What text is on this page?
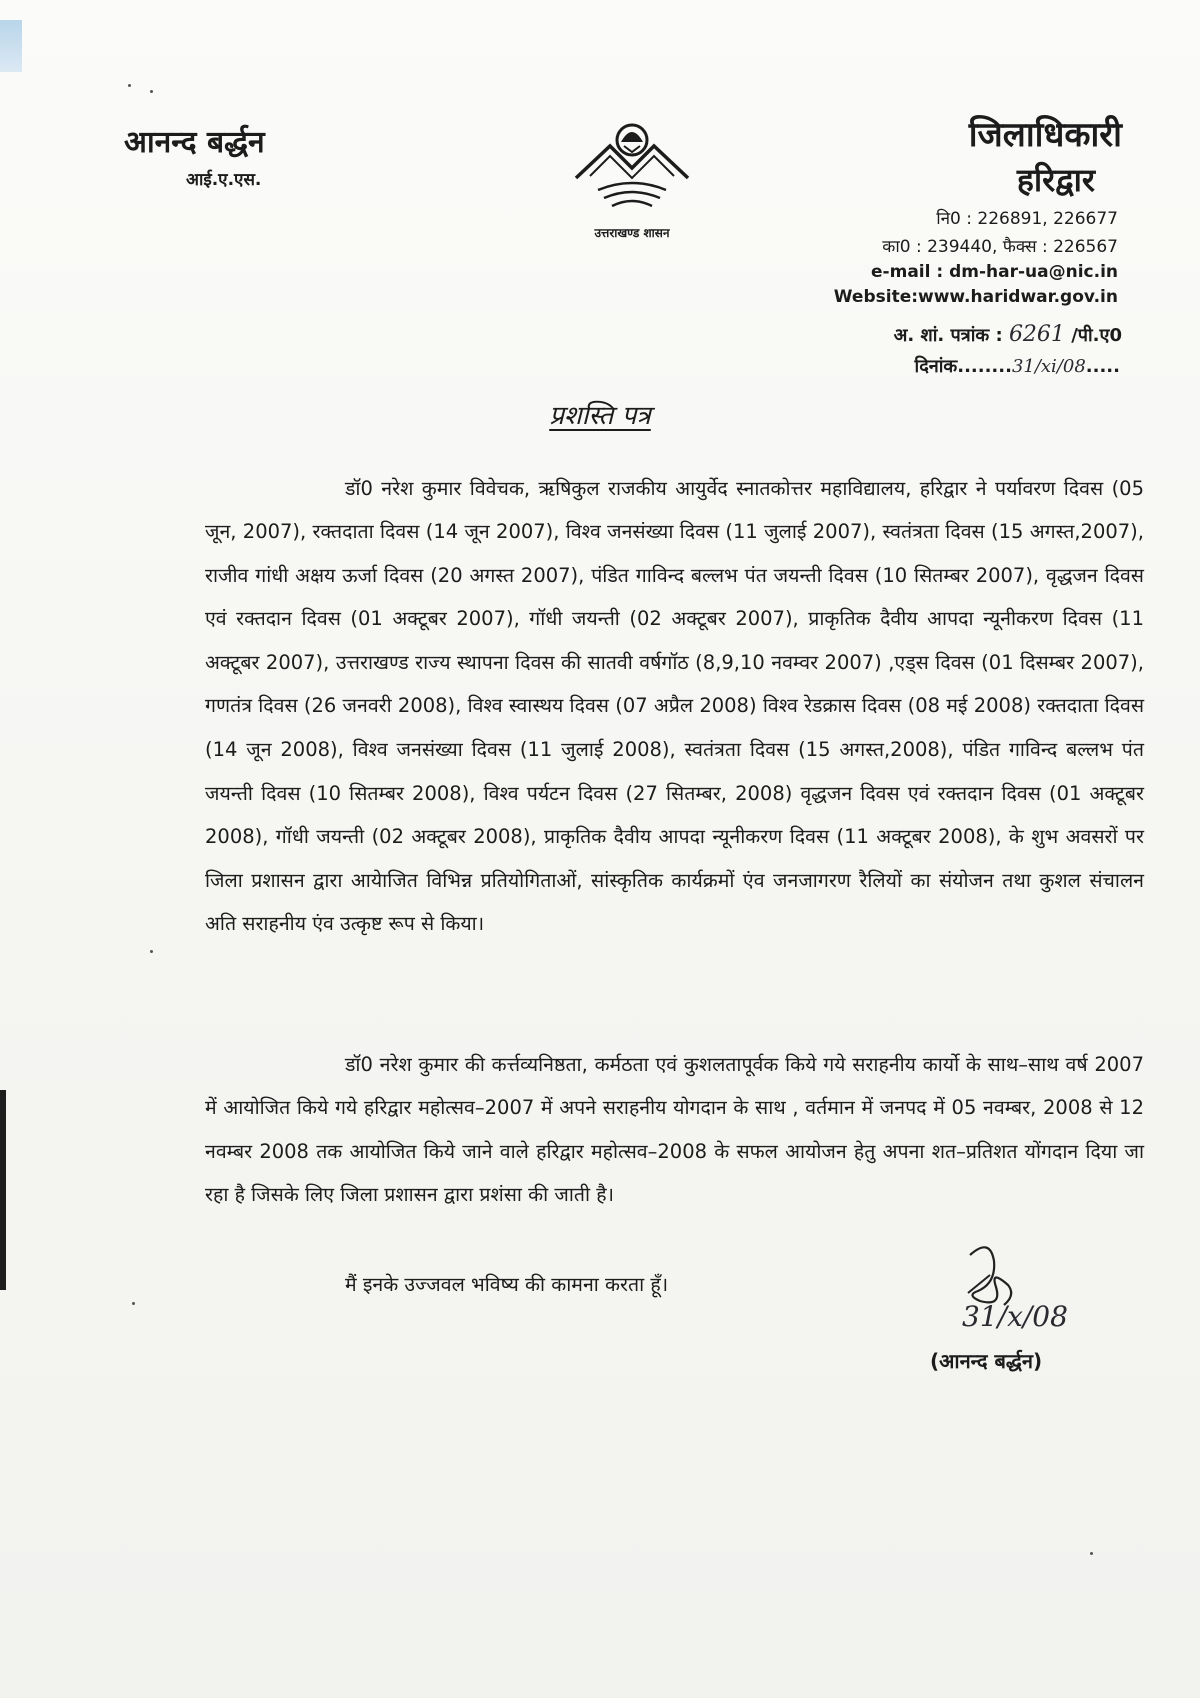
आनन्द बर्द्धन
आई.ए.एस.
उत्तराखण्ड शासन
जिलाधिकारी
हरिद्वार
नि0 : 226891, 226677
का0 : 239440, फैक्स : 226567
e-mail : dm-har-ua@nic.in
Website:www.haridwar.gov.in
अ. शां. पत्रांक : 6261 /पी.ए0
दिनांक........31/xi/08.....
प्रशस्ति पत्र

डॉ0 नरेश कुमार विवेचक, ऋषिकुल राजकीय आयुर्वेद स्नातकोत्तर महाविद्यालय, हरिद्वार ने पर्यावरण दिवस (05 जून, 2007), रक्तदाता दिवस (14 जून 2007), विश्व जनसंख्या दिवस (11 जुलाई 2007), स्वतंत्रता दिवस (15 अगस्त,2007), राजीव गांधी अक्षय ऊर्जा दिवस (20 अगस्त 2007), पंडित गाविन्द बल्लभ पंत जयन्ती दिवस (10 सितम्बर 2007), वृद्धजन दिवस एवं रक्तदान दिवस (01 अक्टूबर 2007), गॉधी जयन्ती (02 अक्टूबर 2007), प्राकृतिक दैवीय आपदा न्यूनीकरण दिवस (11 अक्टूबर 2007), उत्तराखण्ड राज्य स्थापना दिवस की सातवी वर्षगॉठ (8,9,10 नवम्वर 2007) ,एड्स दिवस (01 दिसम्बर 2007), गणतंत्र दिवस (26 जनवरी 2008), विश्व स्वास्थय दिवस (07 अप्रैल 2008) विश्व रेडक्रास दिवस (08 मई 2008) रक्तदाता दिवस (14 जून 2008), विश्व जनसंख्या दिवस (11 जुलाई 2008), स्वतंत्रता दिवस (15 अगस्त,2008), पंडित गाविन्द बल्लभ पंत जयन्ती दिवस (10 सितम्बर 2008), विश्व पर्यटन दिवस (27 सितम्बर, 2008) वृद्धजन दिवस एवं रक्तदान दिवस (01 अक्टूबर 2008), गॉधी जयन्ती (02 अक्टूबर 2008), प्राकृतिक दैवीय आपदा न्यूनीकरण दिवस (11 अक्टूबर 2008), के शुभ अवसरों पर जिला प्रशासन द्वारा आयेाजित विभिन्न प्रतियोगिताओं, सांस्कृतिक कार्यक्रमों एंव जनजागरण रैलियों का संयोजन तथा कुशल संचालन अति सराहनीय एंव उत्कृष्ट रूप से किया।

डॉ0 नरेश कुमार की कर्त्तव्यनिष्ठता, कर्मठता एवं कुशलतापूर्वक किये गये सराहनीय कार्यो के साथ–साथ वर्ष 2007 में आयोजित किये गये हरिद्वार महोत्सव–2007 में अपने सराहनीय योगदान के साथ , वर्तमान में जनपद में 05 नवम्बर, 2008 से 12 नवम्बर 2008 तक आयोजित किये जाने वाले हरिद्वार महोत्सव–2008 के सफल आयोजन हेतु अपना शत–प्रतिशत योंगदान दिया जा रहा है जिसके लिए जिला प्रशासन द्वारा प्रशंसा की जाती है।

मैं इनके उज्जवल भविष्य की कामना करता हूँ।

31/x/08
(आनन्द बर्द्धन)
